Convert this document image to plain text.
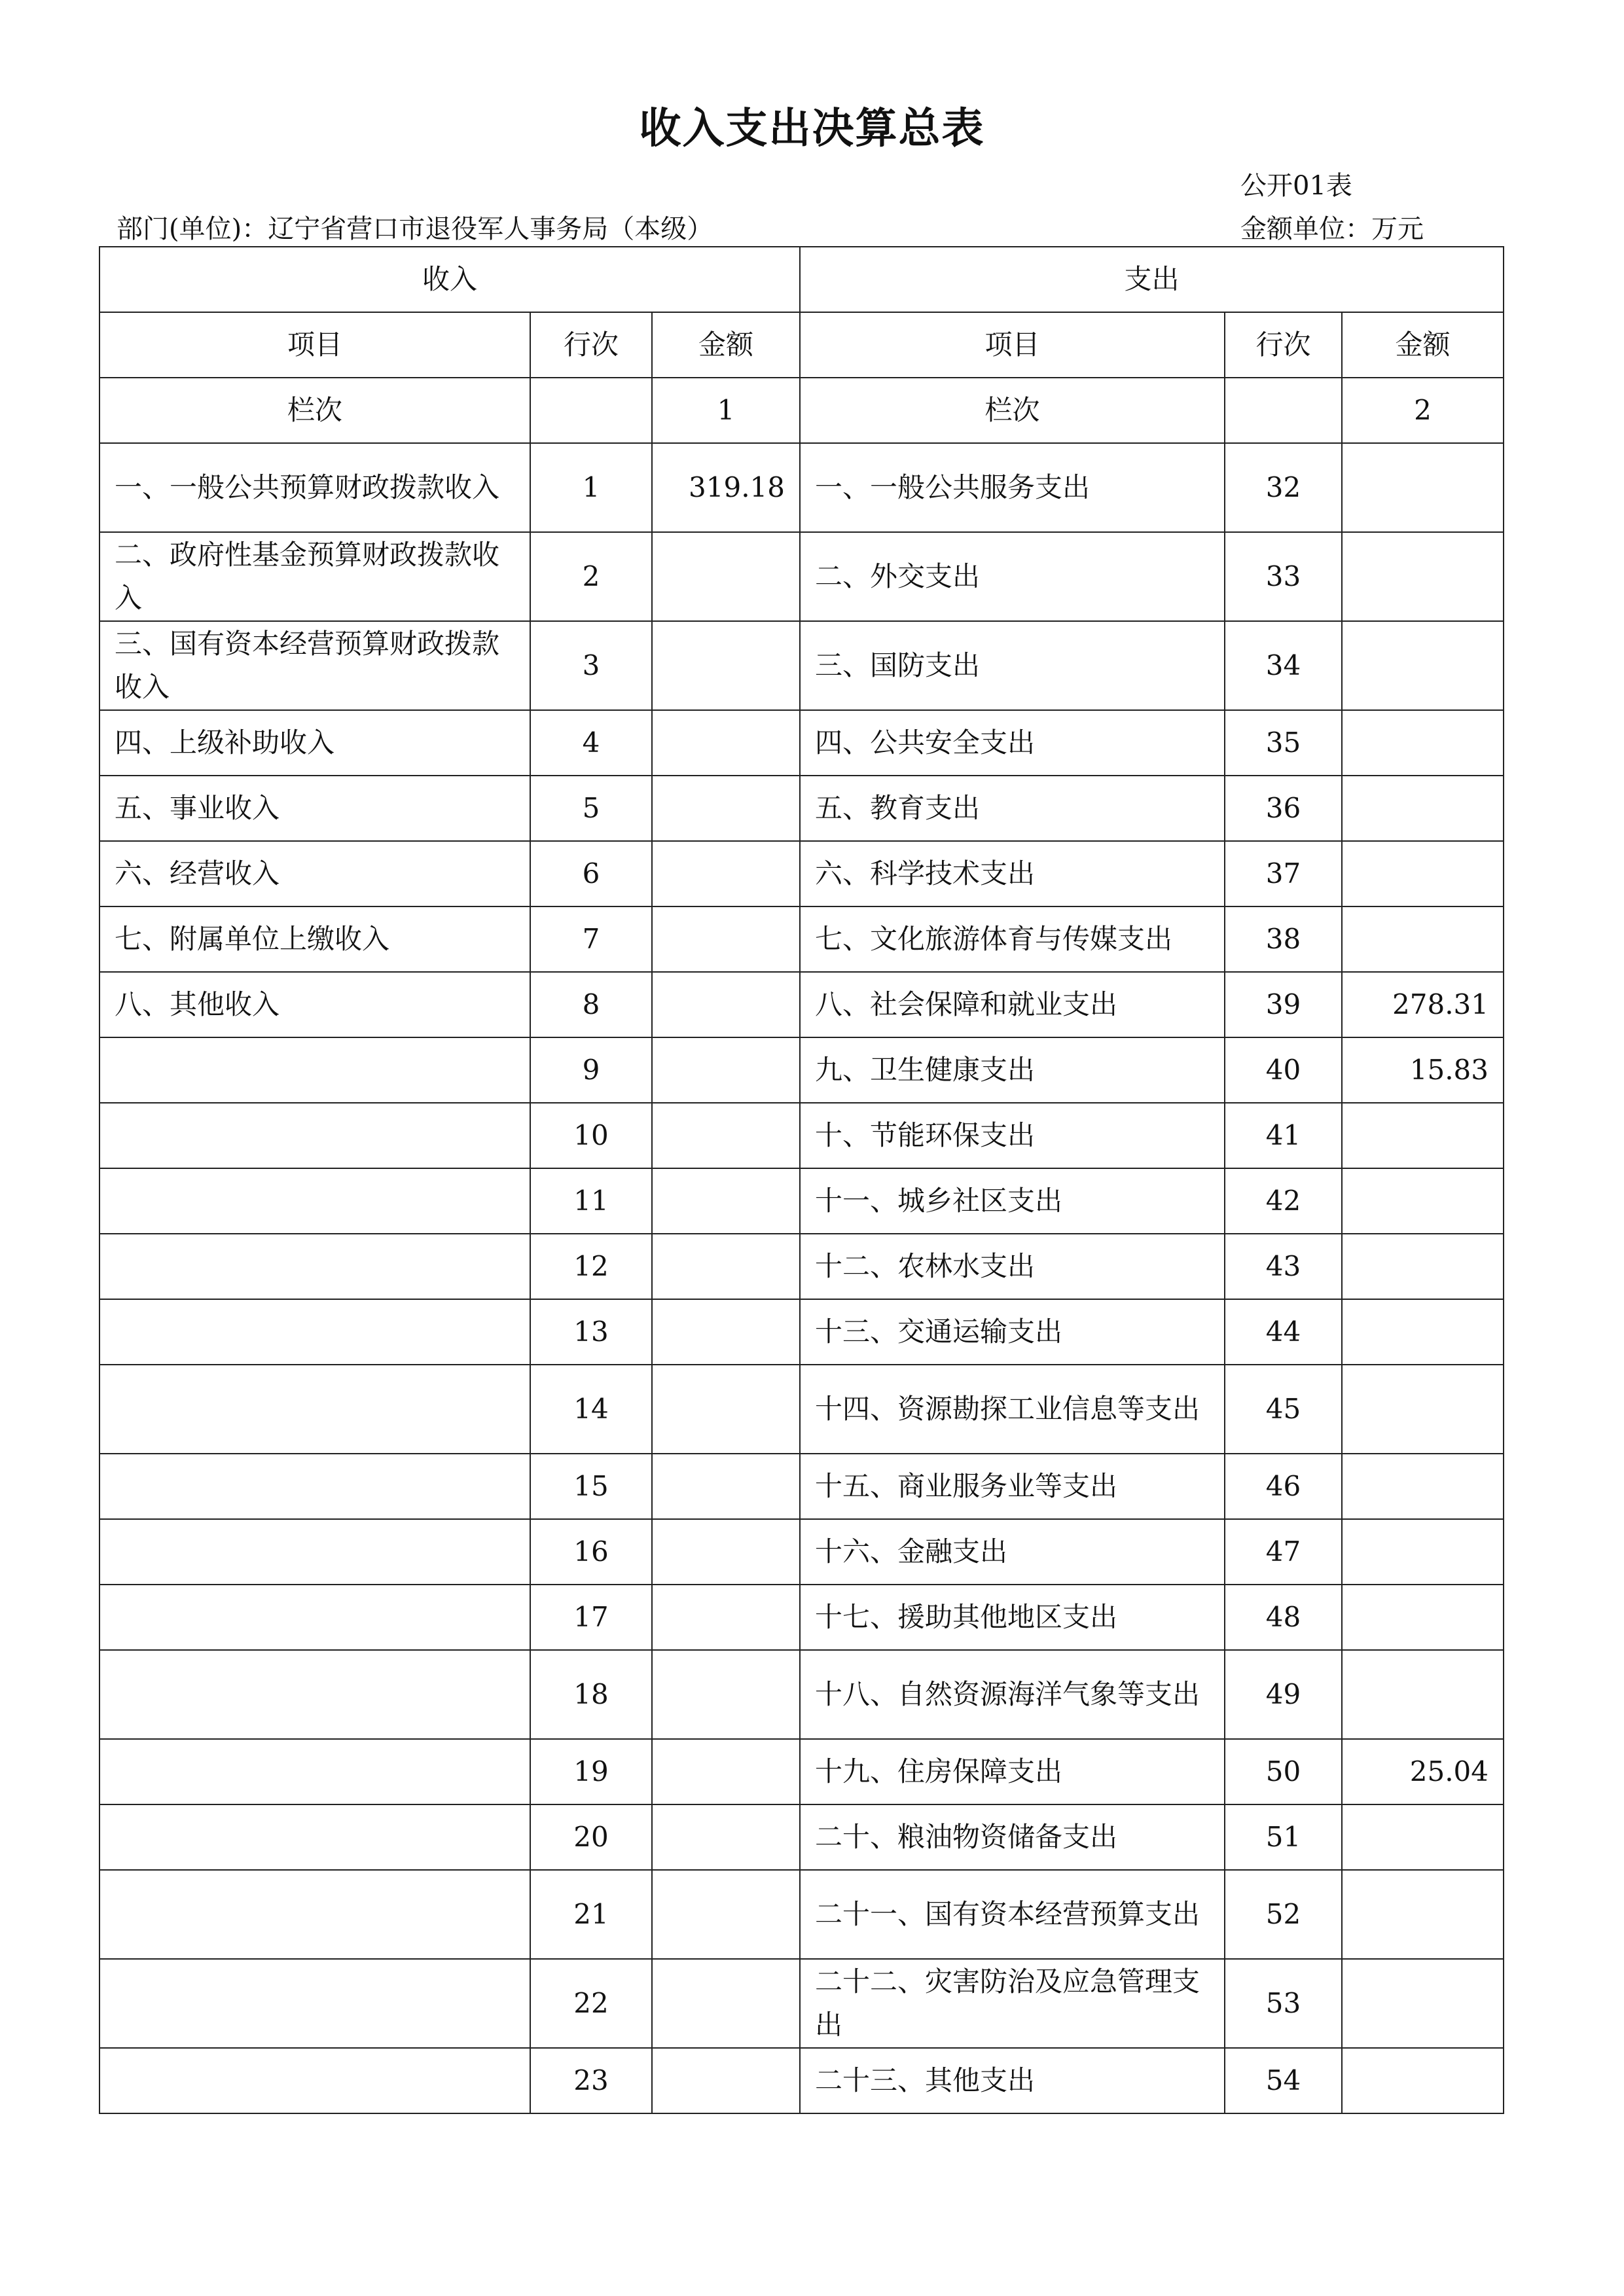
收入支出决算总表
公开01表
部门(单位)：辽宁省营口市退役军人事务局（本级）	金额单位：万元
收入			支出		
项目	行次	金额	项目	行次	金额
栏次		1	栏次		2
一、一般公共预算财政拨款收入	1	319.18	一、一般公共服务支出	32	
二、政府性基金预算财政拨款收入	2		二、外交支出	33	
三、国有资本经营预算财政拨款收入	3		三、国防支出	34	
四、上级补助收入	4		四、公共安全支出	35	
五、事业收入	5		五、教育支出	36	
六、经营收入	6		六、科学技术支出	37	
七、附属单位上缴收入	7		七、文化旅游体育与传媒支出	38	
八、其他收入	8		八、社会保障和就业支出	39	278.31
	9		九、卫生健康支出	40	15.83
	10		十、节能环保支出	41	
	11		十一、城乡社区支出	42	
	12		十二、农林水支出	43	
	13		十三、交通运输支出	44	
	14		十四、资源勘探工业信息等支出	45	
	15		十五、商业服务业等支出	46	
	16		十六、金融支出	47	
	17		十七、援助其他地区支出	48	
	18		十八、自然资源海洋气象等支出	49	
	19		十九、住房保障支出	50	25.04
	20		二十、粮油物资储备支出	51	
	21		二十一、国有资本经营预算支出	52	
	22		二十二、灾害防治及应急管理支出	53	
	23		二十三、其他支出	54	
